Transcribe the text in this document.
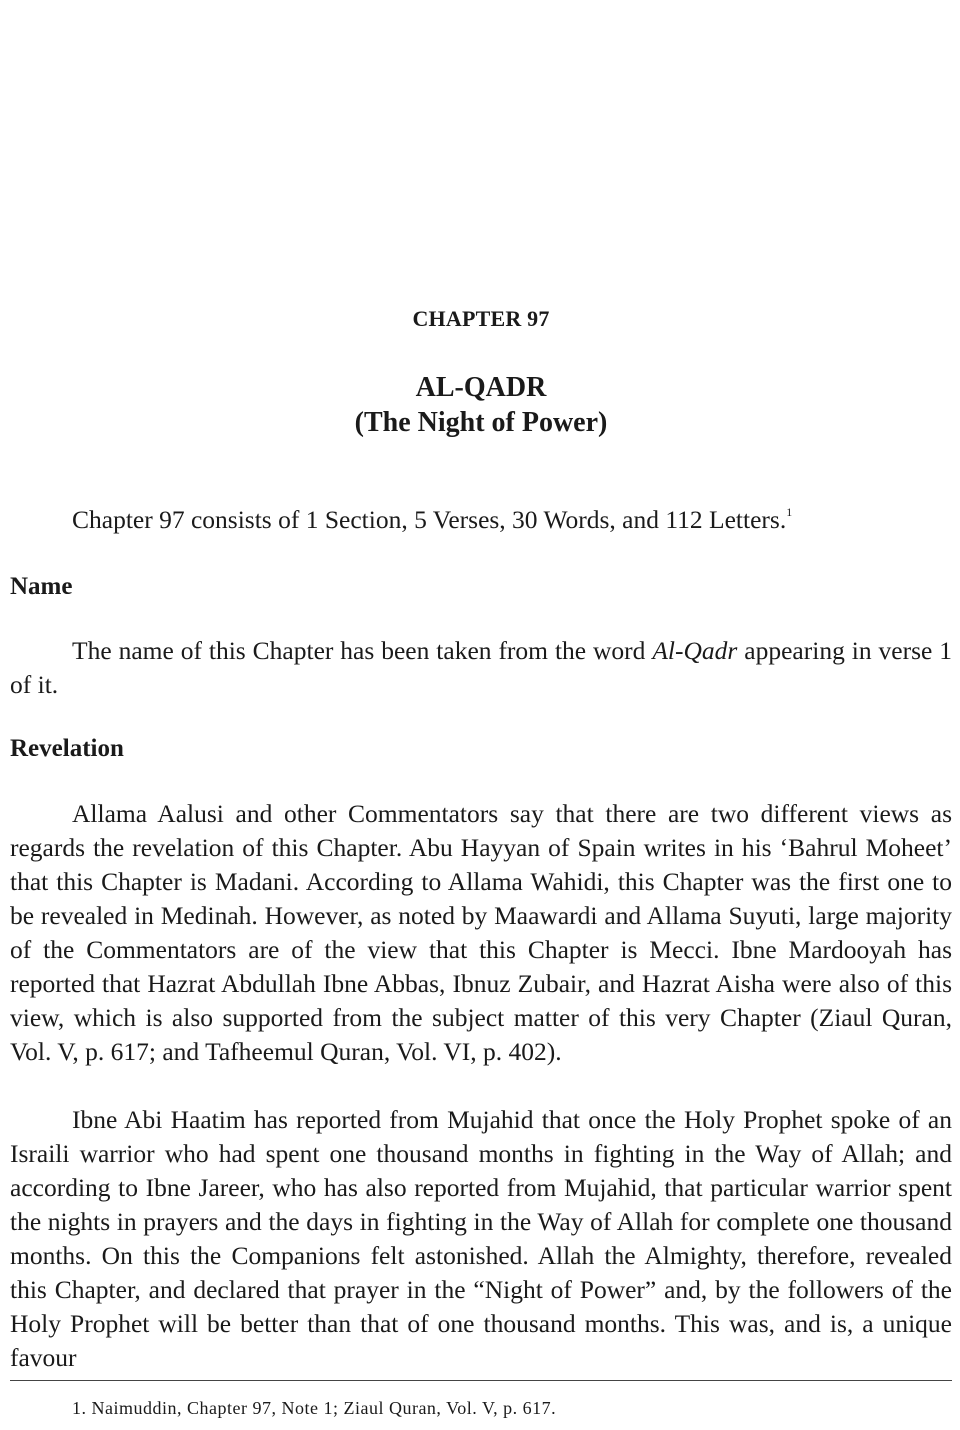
CHAPTER 97
AL-QADR
(The Night of Power)
Chapter 97 consists of 1 Section, 5 Verses, 30 Words, and 112 Letters.$^1$
Name
The name of this Chapter has been taken from the word Al-Qadr appearing in verse 1 of it.
Revelation
Allama Aalusi and other Commentators say that there are two different views as regards the revelation of this Chapter. Abu Hayyan of Spain writes in his ‘Bahrul Moheet’ that this Chapter is Madani. According to Allama Wahidi, this Chapter was the first one to be revealed in Medinah. However, as noted by Maawardi and Allama Suyuti, large majority of the Commentators are of the view that this Chapter is Mecci. Ibne Mardooyah has reported that Hazrat Abdullah Ibne Abbas, Ibnuz Zubair, and Hazrat Aisha were also of this view, which is also supported from the subject matter of this very Chapter (Ziaul Quran, Vol. V, p. 617; and Tafheemul Quran, Vol. VI, p. 402).
Ibne Abi Haatim has reported from Mujahid that once the Holy Prophet spoke of an Israili warrior who had spent one thousand months in fighting in the Way of Allah; and according to Ibne Jareer, who has also reported from Mujahid, that particular warrior spent the nights in prayers and the days in fighting in the Way of Allah for complete one thousand months. On this the Companions felt astonished. Allah the Almighty, therefore, revealed this Chapter, and declared that prayer in the “Night of Power” and, by the followers of the Holy Prophet will be better than that of one thousand months. This was, and is, a unique favour
1. Naimuddin, Chapter 97, Note 1; Ziaul Quran, Vol. V, p. 617.
